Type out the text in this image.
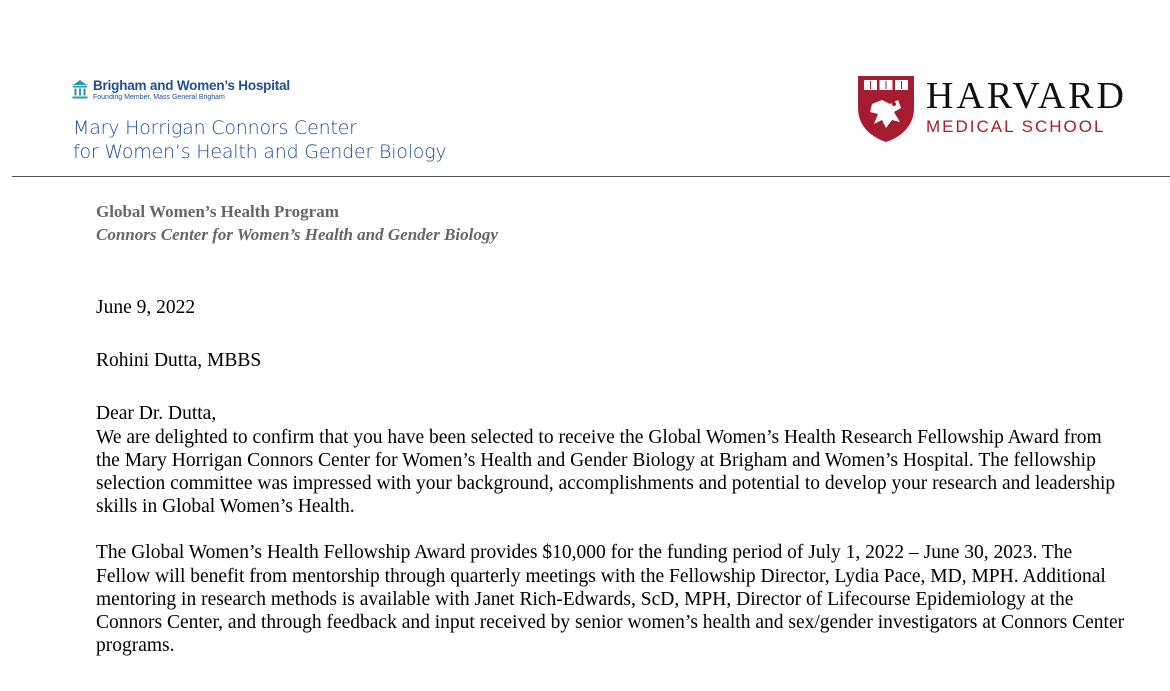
Brigham and Women’s Hospital
Founding Member, Mass General Brigham
Mary Horrigan Connors Center
for Women’s Health and Gender Biology
HARVARD
MEDICAL SCHOOL
Global Women’s Health Program
Connors Center for Women’s Health and Gender Biology

June 9, 2022

Rohini Dutta, MBBS

Dear Dr. Dutta,

We are delighted to confirm that you have been selected to receive the Global Women’s Health Research Fellowship Award from the Mary Horrigan Connors Center for Women’s Health and Gender Biology at Brigham and Women’s Hospital. The fellowship selection committee was impressed with your background, accomplishments and potential to develop your research and leadership skills in Global Women’s Health.

The Global Women’s Health Fellowship Award provides $10,000 for the funding period of July 1, 2022 – June 30, 2023. The Fellow will benefit from mentorship through quarterly meetings with the Fellowship Director, Lydia Pace, MD, MPH. Additional mentoring in research methods is available with Janet Rich-Edwards, ScD, MPH, Director of Lifecourse Epidemiology at the Connors Center, and through feedback and input received by senior women’s health and sex/gender investigators at Connors Center programs.
